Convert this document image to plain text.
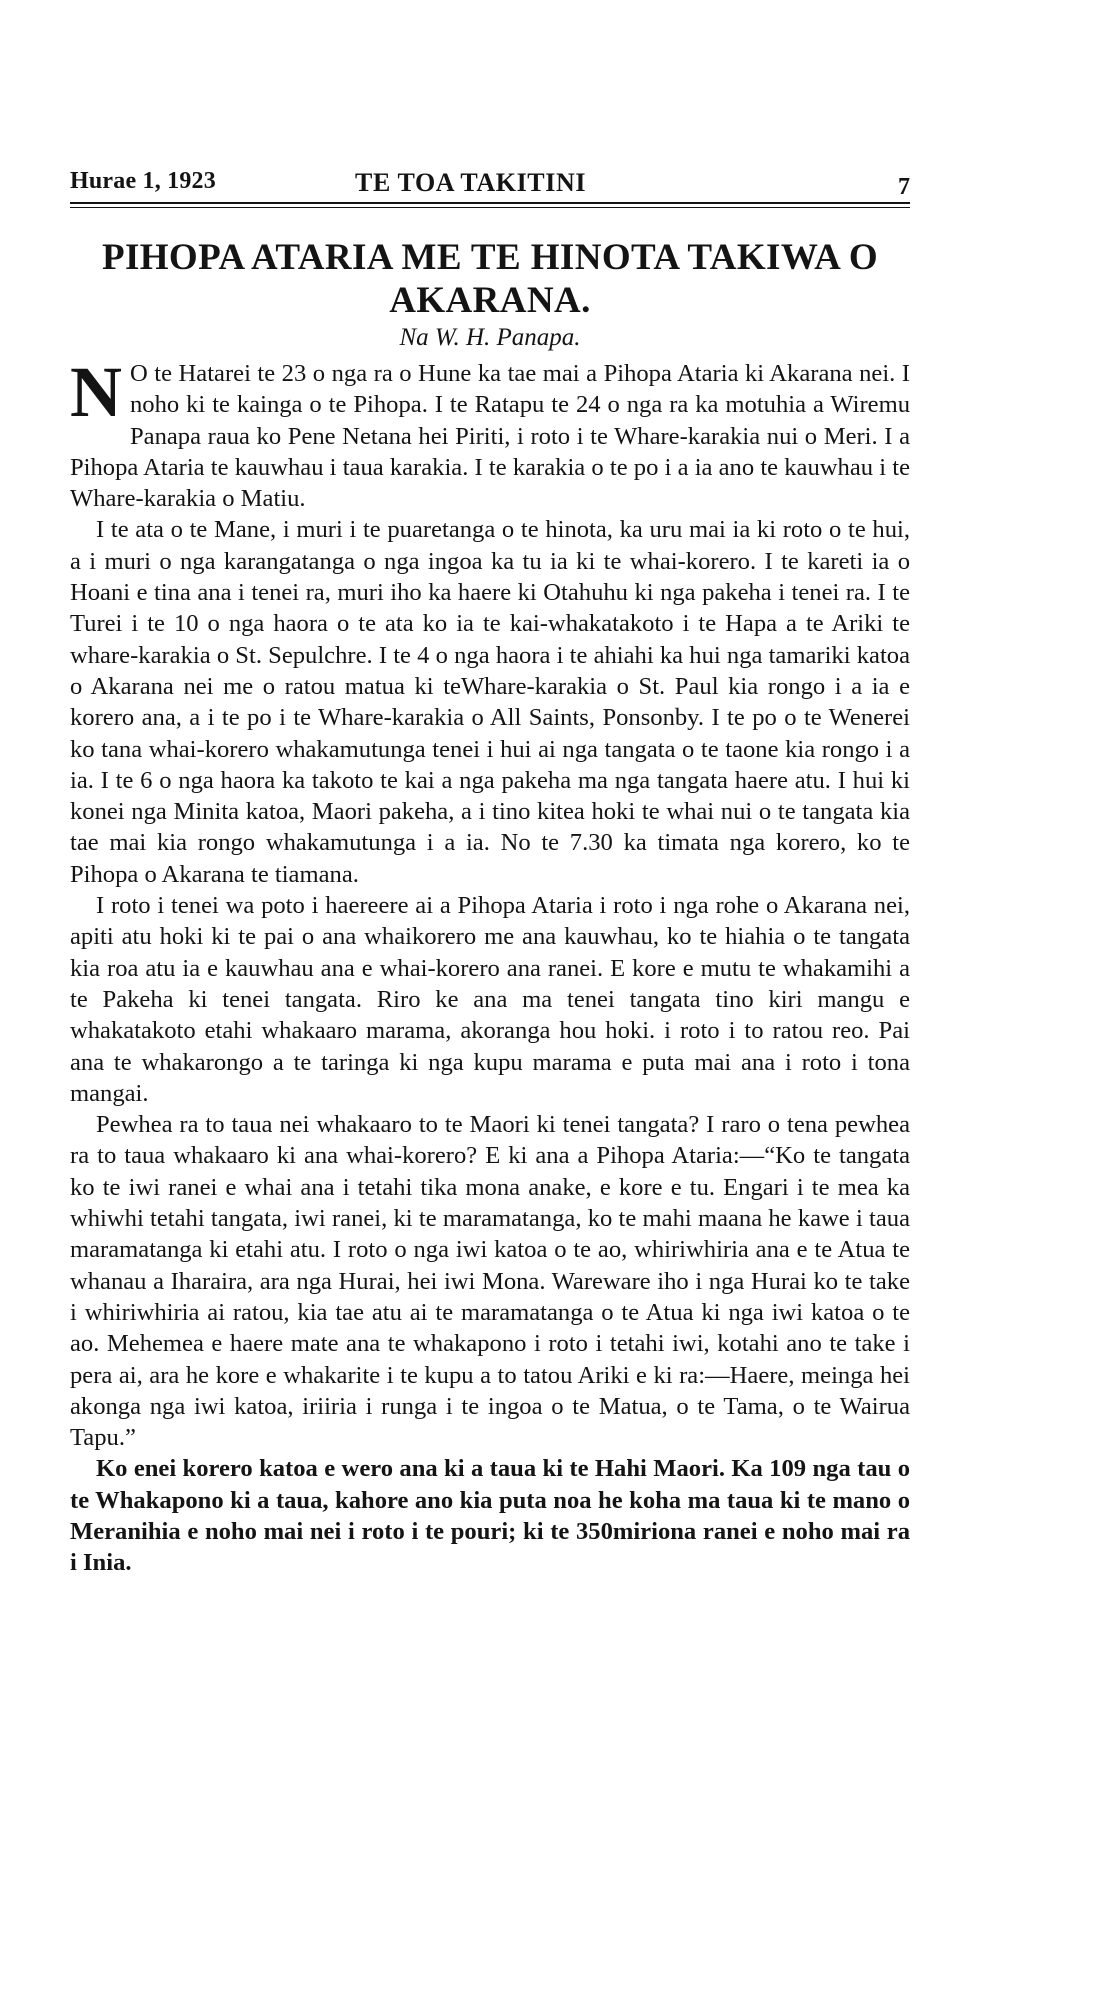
Hurae 1, 1923	TE TOA TAKITINI	7
PIHOPA ATARIA ME TE HINOTA TAKIWA O AKARANA.
Na W. H. Panapa.

N O te Hatarei te 23 o nga ra o Hune ka tae mai a Pihopa Ataria ki Akarana nei. I noho ki te kainga o te Pihopa. I te Ratapu te 24 o nga ra ka motuhia a Wiremu Panapa raua ko Pene Netana hei Piriti, i roto i te Whare-karakia nui o Meri. I a Pihopa Ataria te kauwhau i taua karakia. I te karakia o te po i a ia ano te kauwhau i te Whare-karakia o Matiu.

I te ata o te Mane, i muri i te puaretanga o te hinota, ka uru mai ia ki roto o te hui, a i muri o nga karangatanga o nga ingoa ka tu ia ki te whai-korero. I te kareti ia o Hoani e tina ana i tenei ra, muri iho ka haere ki Otahuhu ki nga pakeha i tenei ra. I te Turei i te 10 o nga haora o te ata ko ia te kai-whakatakoto i te Hapa a te Ariki te whare-karakia o St. Sepulchre. I te 4 o nga haora i te ahiahi ka hui nga tamariki katoa o Akarana nei me o ratou matua ki teWhare-karakia o St. Paul kia rongo i a ia e korero ana, a i te po i te Whare-karakia o All Saints, Ponsonby. I te po o te Wenerei ko tana whai-korero whakamutunga tenei i hui ai nga tangata o te taone kia rongo i a ia. I te 6 o nga haora ka takoto te kai a nga pakeha ma nga tangata haere atu. I hui ki konei nga Minita katoa, Maori pakeha, a i tino kitea hoki te whai nui o te tangata kia tae mai kia rongo whakamutunga i a ia. No te 7.30 ka timata nga korero, ko te Pihopa o Akarana te tiamana.

I roto i tenei wa poto i haereere ai a Pihopa Ataria i roto i nga rohe o Akarana nei, apiti atu hoki ki te pai o ana whaikorero me ana kauwhau, ko te hiahia o te tangata kia roa atu ia e kauwhau ana e whai-korero ana ranei. E kore e mutu te whakamihi a te Pakeha ki tenei tangata. Riro ke ana ma tenei tangata tino kiri mangu e whakatakoto etahi whakaaro marama, akoranga hou hoki. i roto i to ratou reo. Pai ana te whakarongo a te taringa ki nga kupu marama e puta mai ana i roto i tona mangai.

Pewhea ra to taua nei whakaaro to te Maori ki tenei tangata? I raro o tena pewhea ra to taua whakaaro ki ana whai-korero? E ki ana a Pihopa Ataria:—“Ko te tangata ko te iwi ranei e whai ana i tetahi tika mona anake, e kore e tu. Engari i te mea ka whiwhi tetahi tangata, iwi ranei, ki te maramatanga, ko te mahi maana he kawe i taua maramatanga ki etahi atu. I roto o nga iwi katoa o te ao, whiriwhiria ana e te Atua te whanau a Iharaira, ara nga Hurai, hei iwi Mona. Wareware iho i nga Hurai ko te take i whiriwhiria ai ratou, kia tae atu ai te maramatanga o te Atua ki nga iwi katoa o te ao. Mehemea e haere mate ana te whakapono i roto i tetahi iwi, kotahi ano te take i pera ai, ara he kore e whakarite i te kupu a to tatou Ariki e ki ra:—Haere, meinga hei akonga nga iwi katoa, iriiria i runga i te ingoa o te Matua, o te Tama, o te Wairua Tapu.”

Ko enei korero katoa e wero ana ki a taua ki te Hahi Maori. Ka 109 nga tau o te Whakapono ki a taua, kahore ano kia puta noa he koha ma taua ki te mano o Meranihia e noho mai nei i roto i te pouri; ki te 350miriona ranei e noho mai ra i Inia.
